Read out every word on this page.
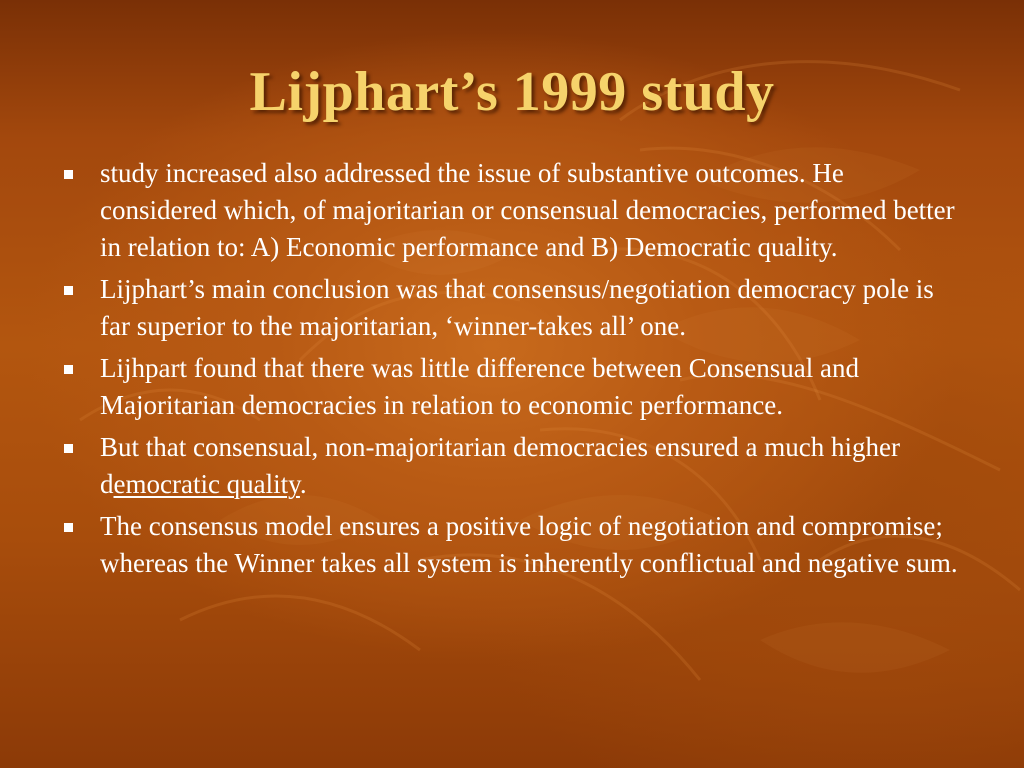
Lijphart’s 1999 study
study increased also addressed the issue of substantive outcomes. He considered which, of majoritarian or consensual democracies, performed better in relation to: A) Economic performance and B) Democratic quality.
Lijphart’s main conclusion was that consensus/negotiation democracy pole is far superior to the majoritarian, ‘winner-takes all’ one.
Lijhpart found that there was little difference between Consensual and Majoritarian democracies in relation to economic performance.
But that consensual, non-majoritarian democracies ensured a much higher democratic quality.
The consensus model ensures a positive logic of negotiation and compromise; whereas the Winner takes all system is inherently conflictual and negative sum.
